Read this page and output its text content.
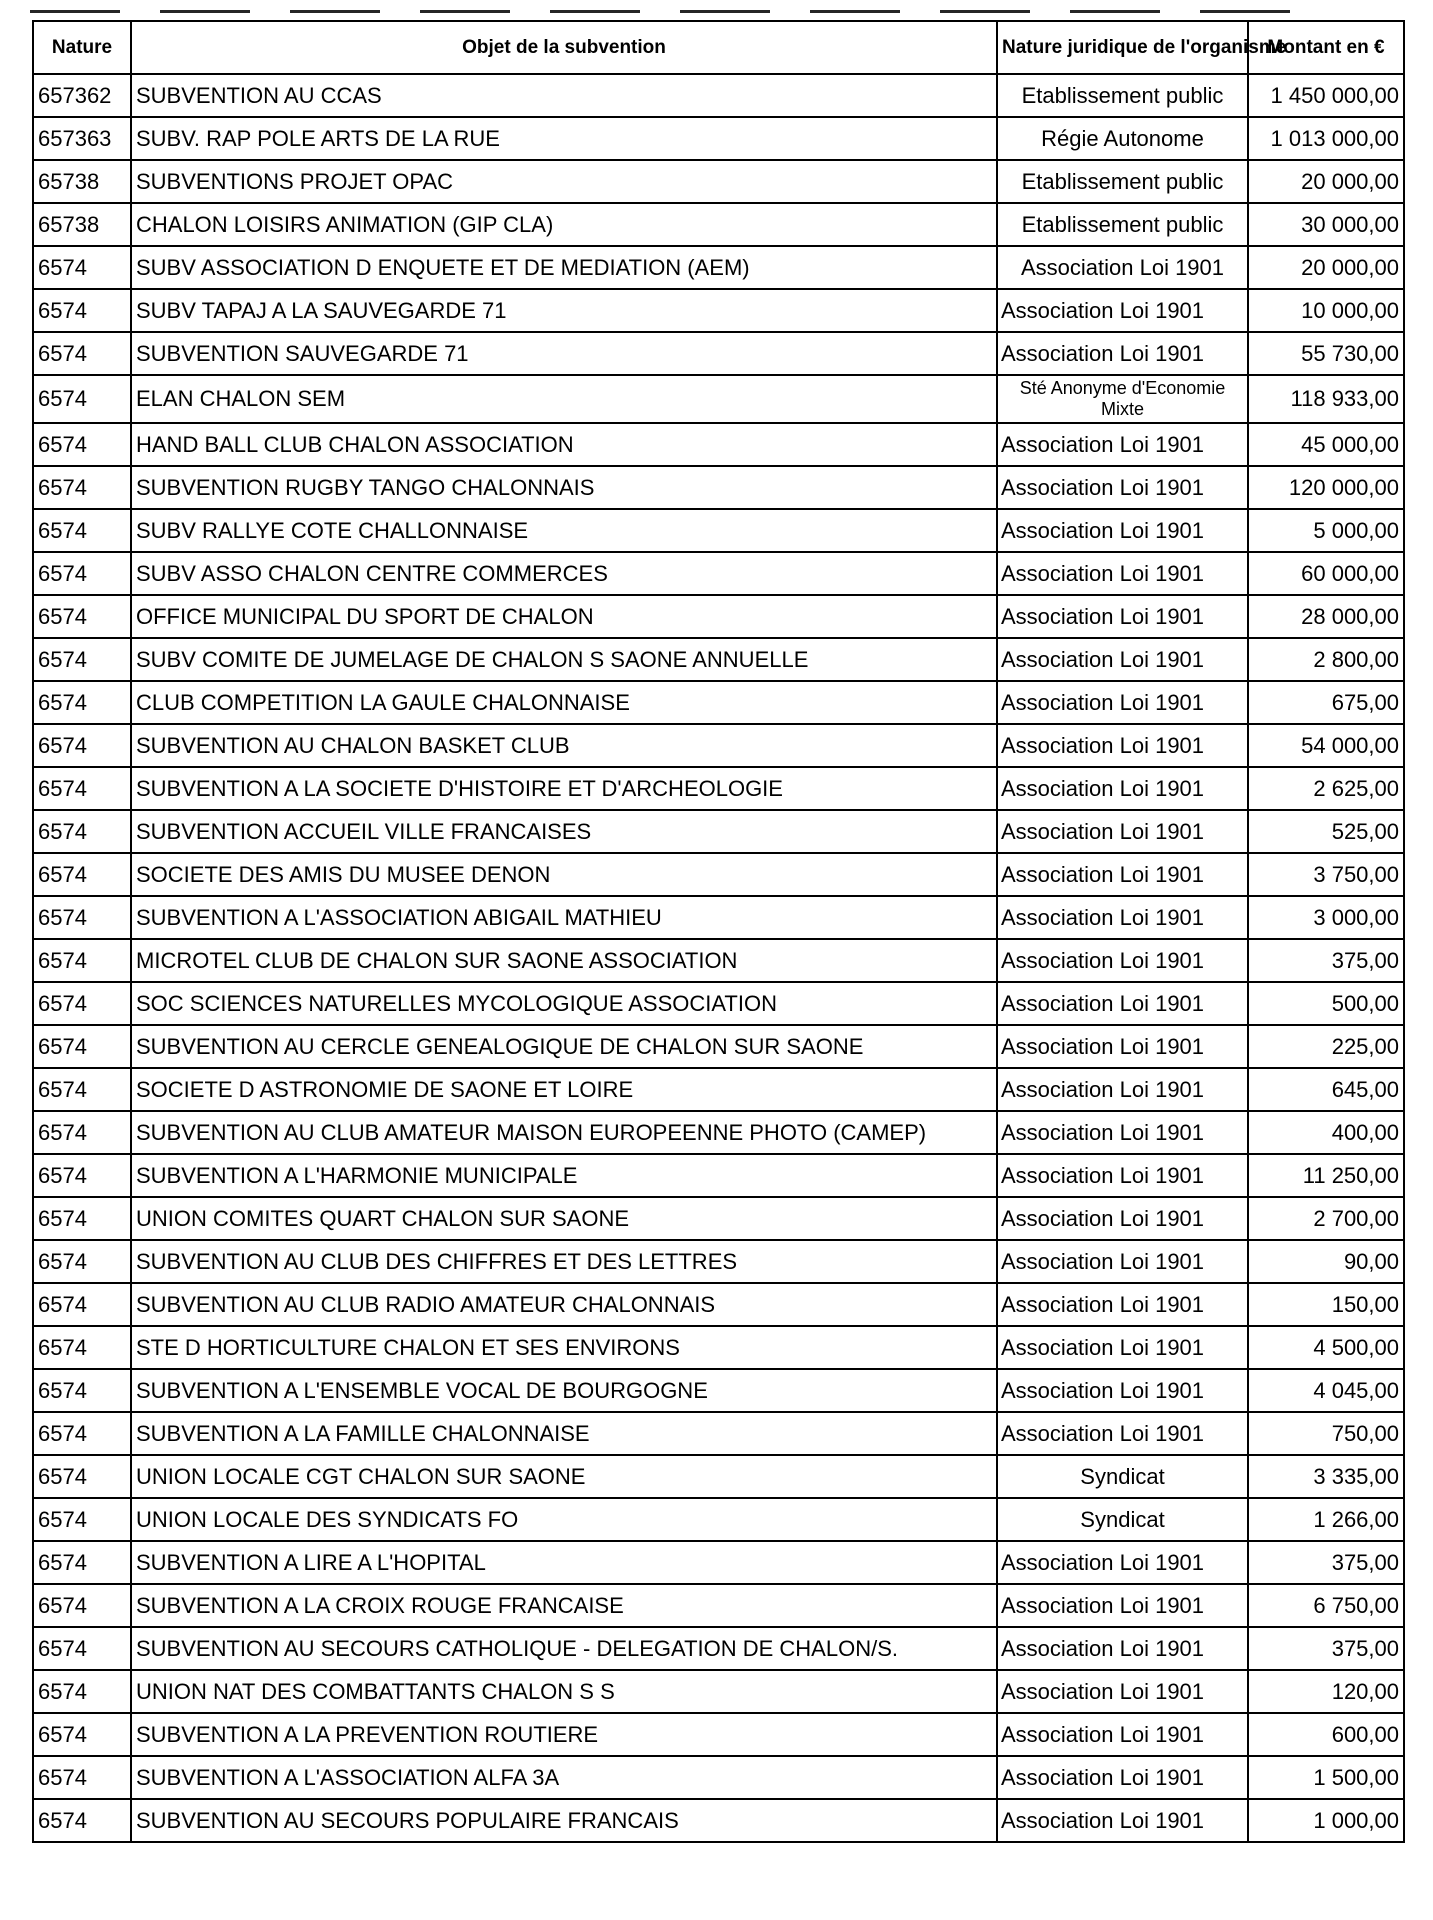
Nature	Objet de la subvention	Nature juridique de l'organisme	Montant en €
657362	SUBVENTION AU CCAS	Etablissement public	1 450 000,00
657363	SUBV. RAP POLE ARTS DE LA RUE	Régie Autonome	1 013 000,00
65738	SUBVENTIONS PROJET OPAC	Etablissement public	20 000,00
65738	CHALON LOISIRS ANIMATION (GIP CLA)	Etablissement public	30 000,00
6574	SUBV ASSOCIATION D ENQUETE ET DE MEDIATION (AEM)	Association Loi 1901	20 000,00
6574	SUBV TAPAJ A LA SAUVEGARDE 71	Association Loi 1901	10 000,00
6574	SUBVENTION SAUVEGARDE 71	Association Loi 1901	55 730,00
6574	ELAN CHALON SEM	Sté Anonyme d'Economie Mixte	118 933,00
6574	HAND BALL CLUB CHALON ASSOCIATION	Association Loi 1901	45 000,00
6574	SUBVENTION RUGBY TANGO CHALONNAIS	Association Loi 1901	120 000,00
6574	SUBV RALLYE COTE CHALLONNAISE	Association Loi 1901	5 000,00
6574	SUBV ASSO CHALON CENTRE COMMERCES	Association Loi 1901	60 000,00
6574	OFFICE MUNICIPAL DU SPORT DE CHALON	Association Loi 1901	28 000,00
6574	SUBV COMITE DE JUMELAGE DE CHALON S SAONE ANNUELLE	Association Loi 1901	2 800,00
6574	CLUB COMPETITION LA GAULE CHALONNAISE	Association Loi 1901	675,00
6574	SUBVENTION AU CHALON BASKET CLUB	Association Loi 1901	54 000,00
6574	SUBVENTION A LA SOCIETE D'HISTOIRE ET D'ARCHEOLOGIE	Association Loi 1901	2 625,00
6574	SUBVENTION ACCUEIL VILLE FRANCAISES	Association Loi 1901	525,00
6574	SOCIETE DES AMIS DU MUSEE DENON	Association Loi 1901	3 750,00
6574	SUBVENTION A L'ASSOCIATION ABIGAIL MATHIEU	Association Loi 1901	3 000,00
6574	MICROTEL CLUB DE CHALON SUR SAONE ASSOCIATION	Association Loi 1901	375,00
6574	SOC SCIENCES NATURELLES MYCOLOGIQUE ASSOCIATION	Association Loi 1901	500,00
6574	SUBVENTION AU CERCLE GENEALOGIQUE DE CHALON SUR SAONE	Association Loi 1901	225,00
6574	SOCIETE D ASTRONOMIE DE SAONE ET LOIRE	Association Loi 1901	645,00
6574	SUBVENTION AU CLUB AMATEUR MAISON EUROPEENNE PHOTO (CAMEP)	Association Loi 1901	400,00
6574	SUBVENTION A L'HARMONIE MUNICIPALE	Association Loi 1901	11 250,00
6574	UNION COMITES QUART CHALON SUR SAONE	Association Loi 1901	2 700,00
6574	SUBVENTION AU CLUB DES CHIFFRES ET DES LETTRES	Association Loi 1901	90,00
6574	SUBVENTION AU CLUB RADIO AMATEUR CHALONNAIS	Association Loi 1901	150,00
6574	STE D HORTICULTURE CHALON ET SES ENVIRONS	Association Loi 1901	4 500,00
6574	SUBVENTION A L'ENSEMBLE VOCAL DE BOURGOGNE	Association Loi 1901	4 045,00
6574	SUBVENTION A LA FAMILLE CHALONNAISE	Association Loi 1901	750,00
6574	UNION LOCALE CGT CHALON SUR SAONE	Syndicat	3 335,00
6574	UNION LOCALE DES SYNDICATS FO	Syndicat	1 266,00
6574	SUBVENTION A LIRE A L'HOPITAL	Association Loi 1901	375,00
6574	SUBVENTION A LA CROIX ROUGE FRANCAISE	Association Loi 1901	6 750,00
6574	SUBVENTION AU SECOURS CATHOLIQUE - DELEGATION DE CHALON/S.	Association Loi 1901	375,00
6574	UNION NAT DES COMBATTANTS CHALON S S	Association Loi 1901	120,00
6574	SUBVENTION A LA PREVENTION ROUTIERE	Association Loi 1901	600,00
6574	SUBVENTION A L'ASSOCIATION ALFA 3A	Association Loi 1901	1 500,00
6574	SUBVENTION AU SECOURS POPULAIRE FRANCAIS	Association Loi 1901	1 000,00
